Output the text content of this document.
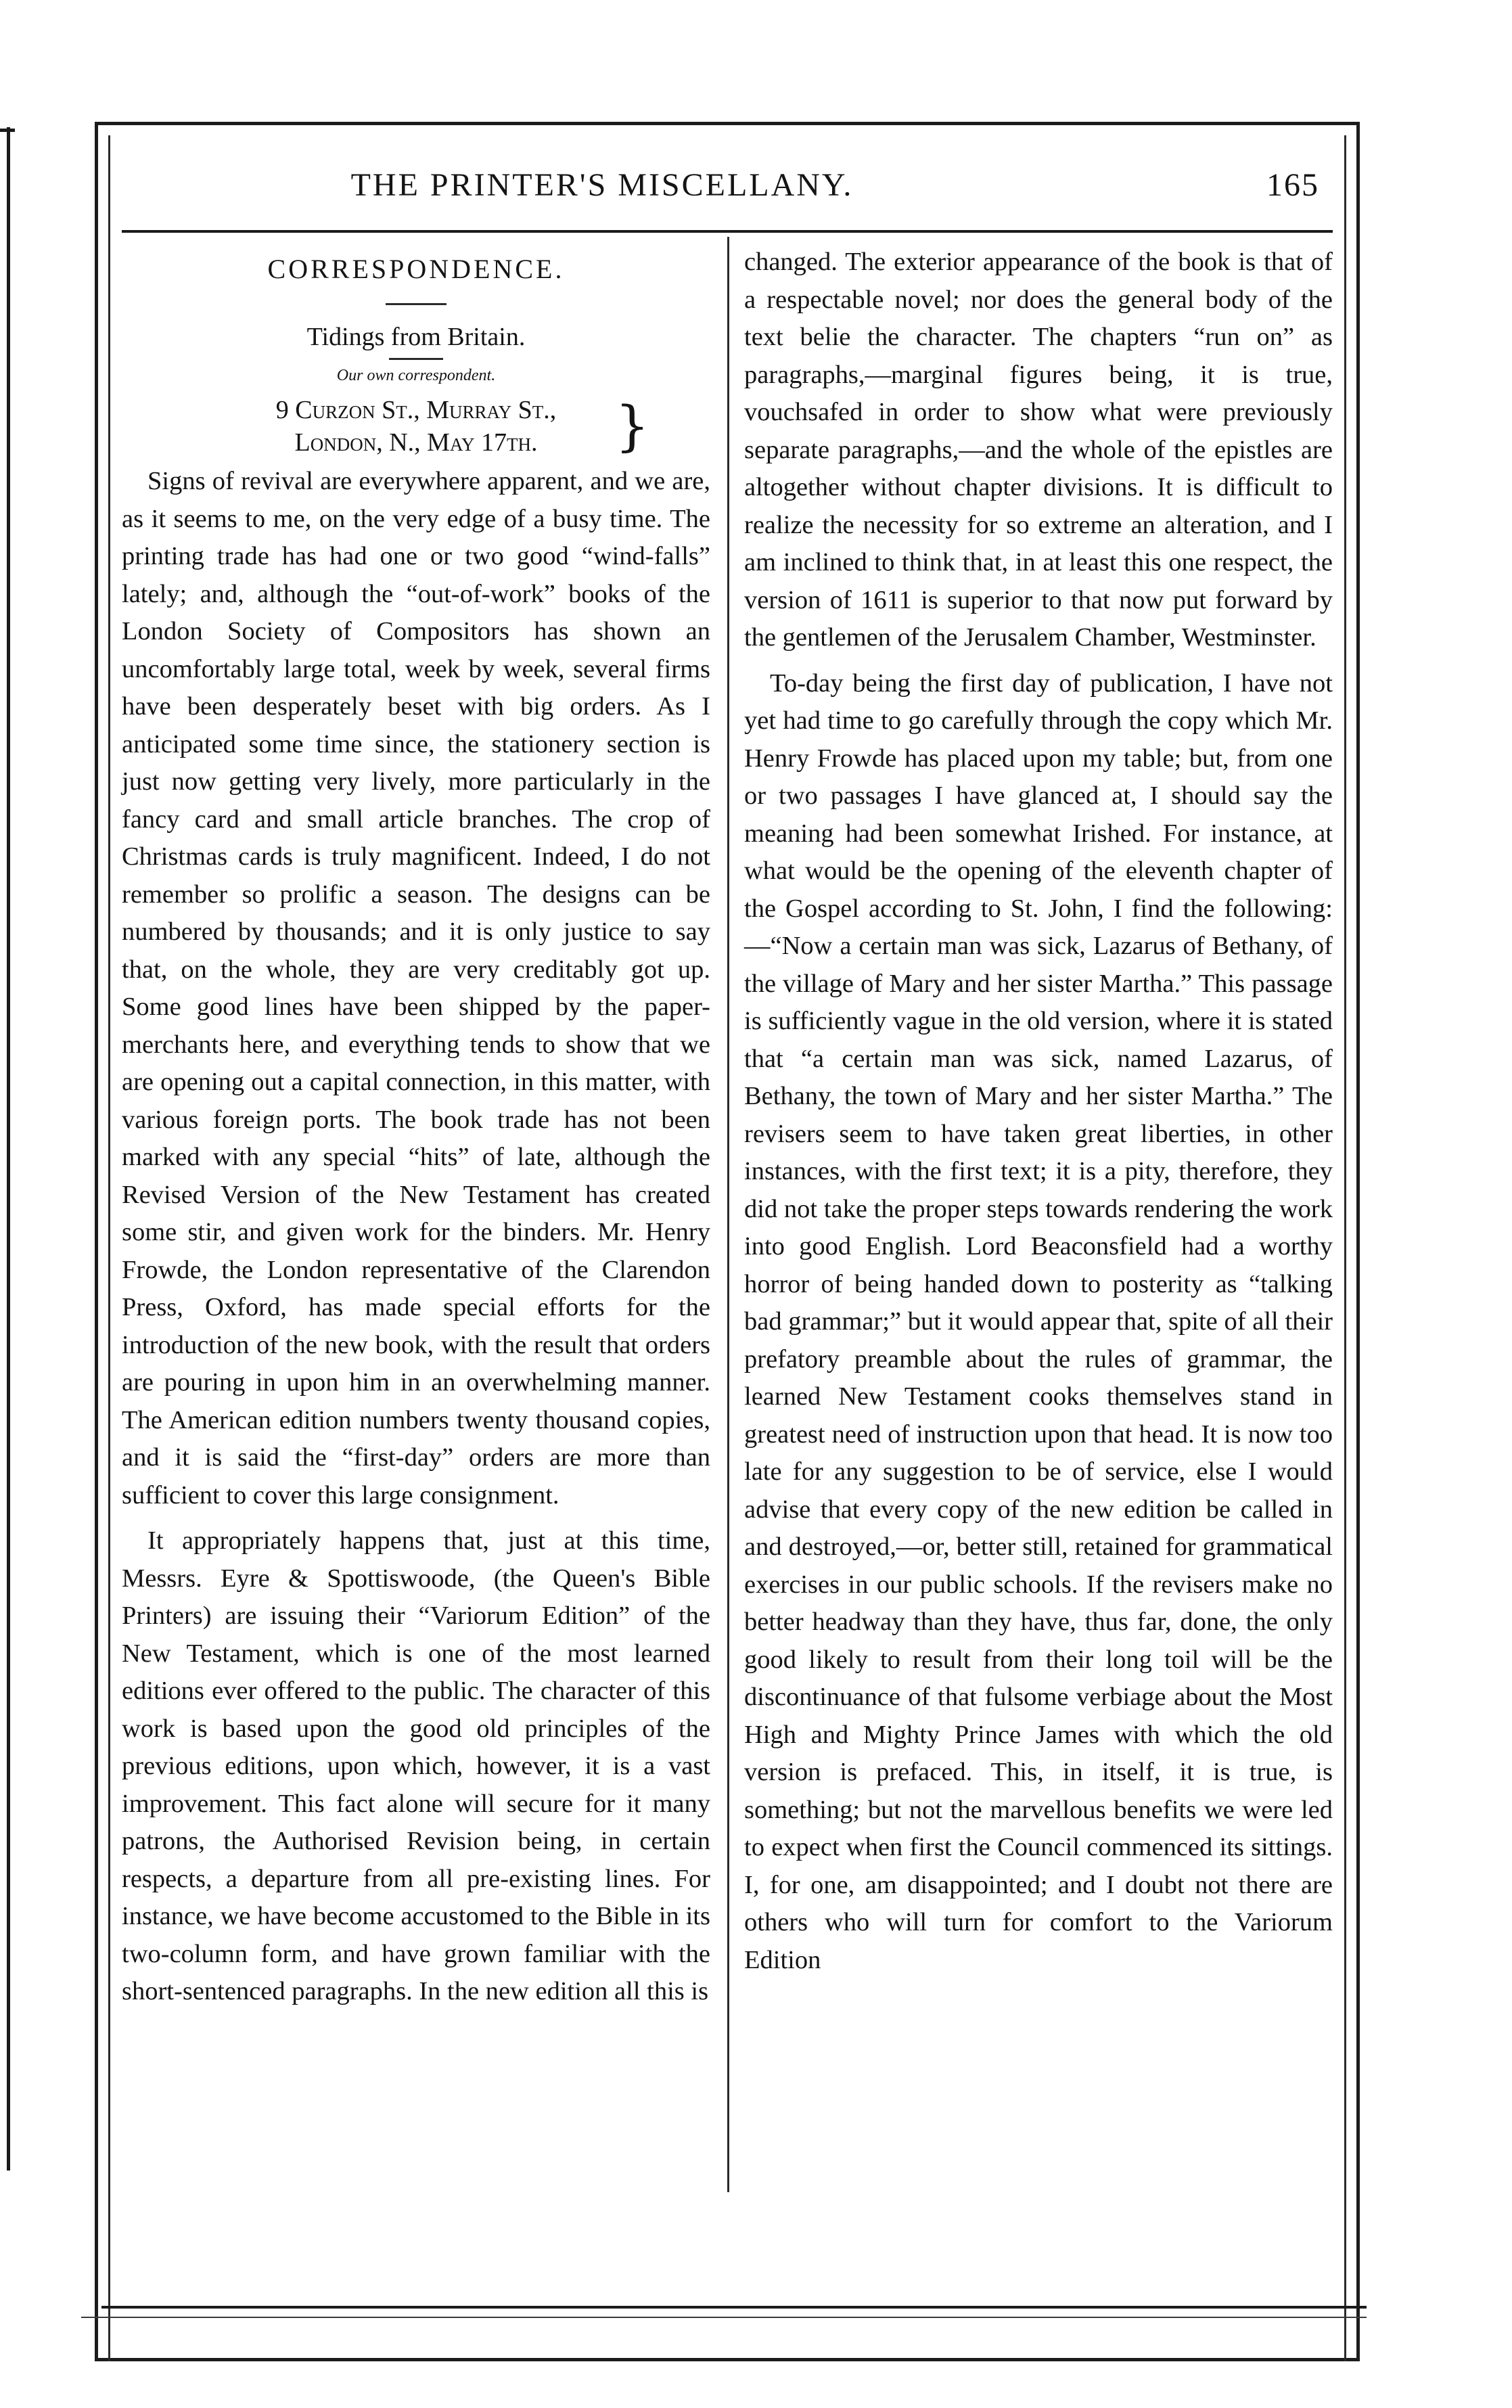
THE PRINTER'S MISCELLANY.	165
CORRESPONDENCE.
Tidings from Britain.
Our own correspondent.
9 Curzon St., Murray St.,
London, N., May 17th.	}

Signs of revival are everywhere apparent, and we are, as it seems to me, on the very edge of a busy time. The printing trade has had one or two good “wind-falls” lately; and, although the “out-of-work” books of the London Society of Compositors has shown an uncomfortably large total, week by week, several firms have been desperately beset with big orders. As I anticipated some time since, the stationery section is just now getting very lively, more particularly in the fancy card and small article branches. The crop of Christmas cards is truly magnificent. Indeed, I do not remember so prolific a season. The designs can be numbered by thousands; and it is only justice to say that, on the whole, they are very creditably got up. Some good lines have been shipped by the paper-merchants here, and everything tends to show that we are opening out a capital connection, in this matter, with various foreign ports. The book trade has not been marked with any special “hits” of late, although the Revised Version of the New Testament has created some stir, and given work for the binders. Mr. Henry Frowde, the London representative of the Clarendon Press, Oxford, has made special efforts for the introduction of the new book, with the result that orders are pouring in upon him in an overwhelming manner. The American edition numbers twenty thousand copies, and it is said the “first-day” orders are more than sufficient to cover this large consignment.

It appropriately happens that, just at this time, Messrs. Eyre & Spottiswoode, (the Queen's Bible Printers) are issuing their “Variorum Edition” of the New Testament, which is one of the most learned editions ever offered to the public. The character of this work is based upon the good old principles of the previous editions, upon which, however, it is a vast improvement. This fact alone will secure for it many patrons, the Authorised Revision being, in certain respects, a departure from all pre-existing lines. For instance, we have become accustomed to the Bible in its two-column form, and have grown familiar with the short-sentenced paragraphs. In the new edition all this is

changed. The exterior appearance of the book is that of a respectable novel; nor does the general body of the text belie the character. The chapters “run on” as paragraphs,—marginal figures being, it is true, vouchsafed in order to show what were previously separate paragraphs,—and the whole of the epistles are altogether without chapter divisions. It is difficult to realize the necessity for so extreme an alteration, and I am inclined to think that, in at least this one respect, the version of 1611 is superior to that now put forward by the gentlemen of the Jerusalem Chamber, Westminster.

To-day being the first day of publication, I have not yet had time to go carefully through the copy which Mr. Henry Frowde has placed upon my table; but, from one or two passages I have glanced at, I should say the meaning had been somewhat Irished. For instance, at what would be the opening of the eleventh chapter of the Gospel according to St. John, I find the following:—“Now a certain man was sick, Lazarus of Bethany, of the village of Mary and her sister Martha.” This passage is sufficiently vague in the old version, where it is stated that “a certain man was sick, named Lazarus, of Bethany, the town of Mary and her sister Martha.” The revisers seem to have taken great liberties, in other instances, with the first text; it is a pity, therefore, they did not take the proper steps towards rendering the work into good English. Lord Beaconsfield had a worthy horror of being handed down to posterity as “talking bad grammar;” but it would appear that, spite of all their prefatory preamble about the rules of grammar, the learned New Testament cooks themselves stand in greatest need of instruction upon that head. It is now too late for any suggestion to be of service, else I would advise that every copy of the new edition be called in and destroyed,—or, better still, retained for grammatical exercises in our public schools. If the revisers make no better headway than they have, thus far, done, the only good likely to result from their long toil will be the discontinuance of that fulsome verbiage about the Most High and Mighty Prince James with which the old version is prefaced. This, in itself, it is true, is something; but not the marvellous benefits we were led to expect when first the Council commenced its sittings. I, for one, am disappointed; and I doubt not there are others who will turn for comfort to the Variorum Edition
